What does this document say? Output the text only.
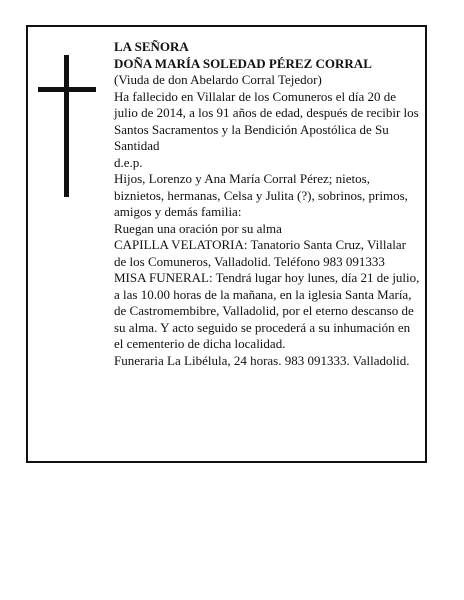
LA SEÑORA

DOÑA MARÍA SOLEDAD PÉREZ CORRAL

(Viuda de don Abelardo Corral Tejedor)

Ha fallecido en Villalar de los Comuneros el día 20 de julio de 2014, a los 91 años de edad, después de recibir los Santos Sacramentos y la Bendición Apostólica de Su Santidad

d.e.p.

Hijos, Lorenzo y Ana María Corral Pérez; nietos, biznietos, hermanas, Celsa y Julita (?), sobrinos, primos, amigos y demás familia:

Ruegan una oración por su alma

CAPILLA VELATORIA: Tanatorio Santa Cruz, Villalar de los Comuneros, Valladolid. Teléfono 983 091333

MISA FUNERAL: Tendrá lugar hoy lunes, día 21 de julio, a las 10.00 horas de la mañana, en la iglesia Santa María, de Castromembibre, Valladolid, por el eterno descanso de su alma. Y acto seguido se procederá a su inhumación en el cementerio de dicha localidad.

Funeraria La Libélula, 24 horas. 983 091333. Valladolid.
